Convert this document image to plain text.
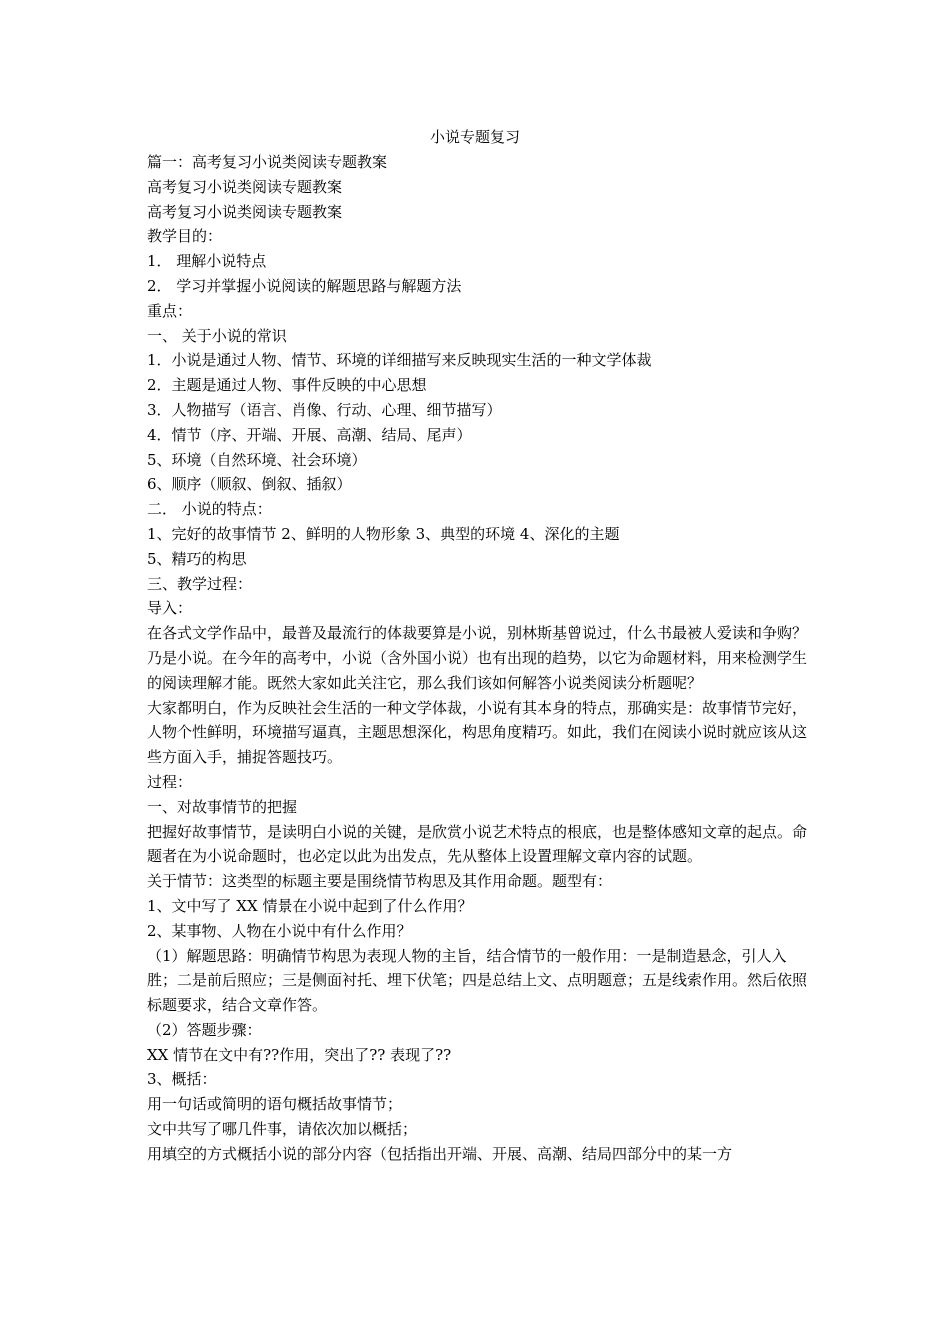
小说专题复习

篇一：高考复习小说类阅读专题教案

高考复习小说类阅读专题教案

高考复习小说类阅读专题教案

教学目的：

1． 理解小说特点

2． 学习并掌握小说阅读的解题思路与解题方法

重点：

一、 关于小说的常识

1．小说是通过人物、情节、环境的详细描写来反映现实生活的一种文学体裁

2．主题是通过人物、事件反映的中心思想

3．人物描写（语言、肖像、行动、心理、细节描写）

4．情节（序、开端、开展、高潮、结局、尾声）

5、环境（自然环境、社会环境）

6、顺序（顺叙、倒叙、插叙）

二． 小说的特点：

1、完好的故事情节 2、鲜明的人物形象 3、典型的环境 4、深化的主题

5、精巧的构思

三、教学过程：

导入：

在各式文学作品中，最普及最流行的体裁要算是小说，别林斯基曾说过，什么书最被人爱读和争购？乃是小说。在今年的高考中，小说（含外国小说）也有出现的趋势，以它为命题材料，用来检测学生的阅读理解才能。既然大家如此关注它，那么我们该如何解答小说类阅读分析题呢？

大家都明白，作为反映社会生活的一种文学体裁，小说有其本身的特点，那确实是：故事情节完好，人物个性鲜明，环境描写逼真，主题思想深化，构思角度精巧。如此，我们在阅读小说时就应该从这些方面入手，捕捉答题技巧。

过程：

一、对故事情节的把握

把握好故事情节，是读明白小说的关键，是欣赏小说艺术特点的根底，也是整体感知文章的起点。命题者在为小说命题时，也必定以此为出发点，先从整体上设置理解文章内容的试题。

关于情节：这类型的标题主要是围绕情节构思及其作用命题。题型有：

1、文中写了 XX 情景在小说中起到了什么作用？

2、某事物、人物在小说中有什么作用？

（1）解题思路：明确情节构思为表现人物的主旨，结合情节的一般作用：一是制造悬念，引人入胜；二是前后照应；三是侧面衬托、埋下伏笔；四是总结上文、点明题意；五是线索作用。然后依照标题要求，结合文章作答。

（2）答题步骤：

XX 情节在文中有??作用，突出了?? 表现了??

3、概括：

用一句话或简明的语句概括故事情节；

文中共写了哪几件事，请依次加以概括；

用填空的方式概括小说的部分内容（包括指出开端、开展、高潮、结局四部分中的某一方
